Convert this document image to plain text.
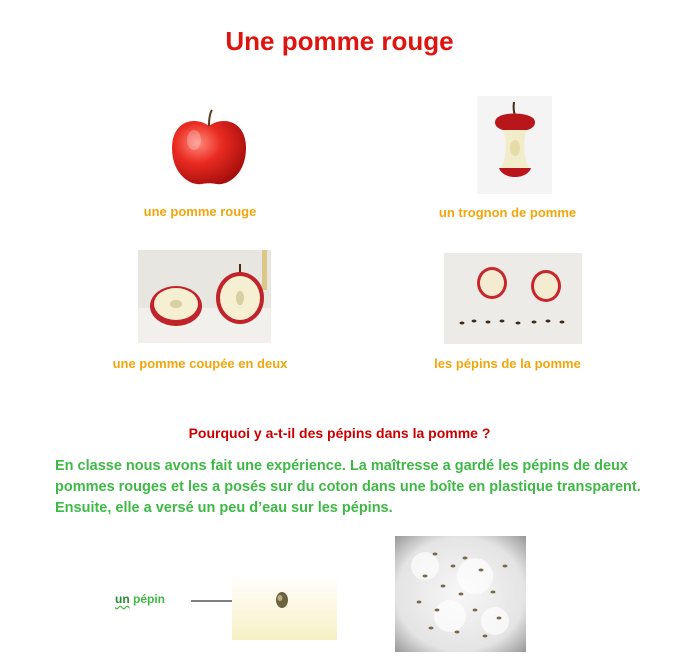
Une pomme rouge
une pomme rouge	un trognon de pomme
une pomme coupée en deux	les pépins de la pomme
Pourquoi y a-t-il des pépins dans la pomme ?
En classe nous avons fait une expérience. La maîtresse a gardé les pépins de deux pommes rouges et les a posés sur du coton dans une boîte en plastique transparent. Ensuite, elle a versé un peu d’eau sur les pépins.
un pépin
